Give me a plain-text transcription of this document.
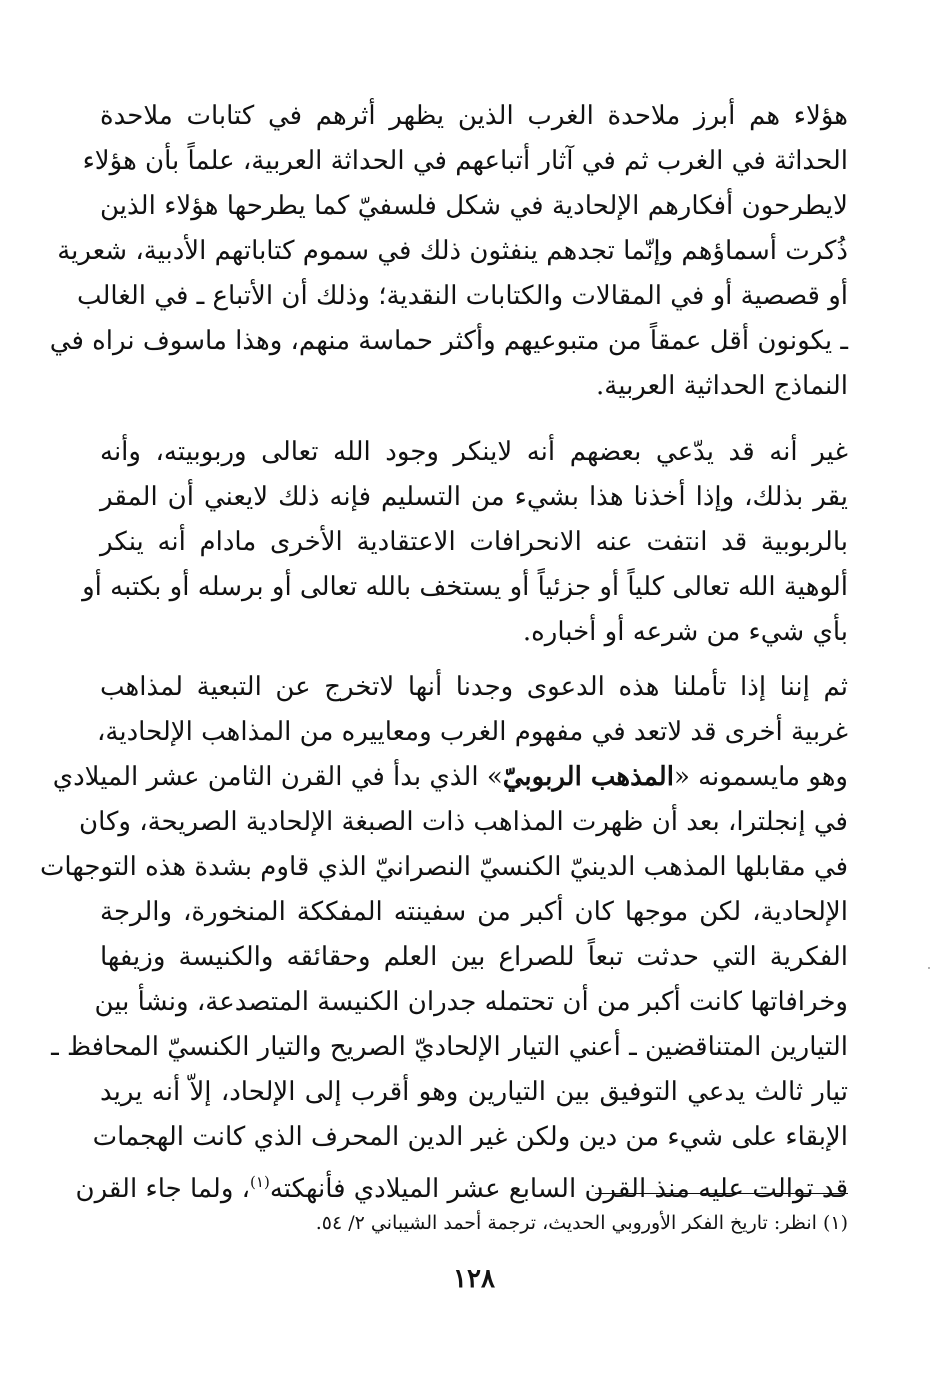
هؤلاء هم أبرز ملاحدة الغرب الذين يظهر أثرهم في كتابات ملاحدة
الحداثة في الغرب ثم في آثار أتباعهم في الحداثة العربية، علماً بأن هؤلاء
لايطرحون أفكارهم الإلحادية في شكل فلسفيّ كما يطرحها هؤلاء الذين
ذُكرت أسماؤهم وإنّما تجدهم ينفثون ذلك في سموم كتاباتهم الأدبية، شعرية
أو قصصية أو في المقالات والكتابات النقدية؛ وذلك أن الأتباع ـ في الغالب
ـ يكونون أقل عمقاً من متبوعيهم وأكثر حماسة منهم، وهذا ماسوف نراه في
النماذج الحداثية العربية.
غير أنه قد يدّعي بعضهم أنه لاينكر وجود الله تعالى وربوبيته، وأنه
يقر بذلك، وإذا أخذنا هذا بشيء من التسليم فإنه ذلك لايعني أن المقر
بالربوبية قد انتفت عنه الانحرافات الاعتقادية الأخرى مادام أنه ينكر
ألوهية الله تعالى كلياً أو جزئياً أو يستخف بالله تعالى أو برسله أو بكتبه أو
بأي شيء من شرعه أو أخباره.
ثم إننا إذا تأملنا هذه الدعوى وجدنا أنها لاتخرج عن التبعية لمذاهب
غربية أخرى قد لاتعد في مفهوم الغرب ومعاييره من المذاهب الإلحادية،
وهو مايسمونه «المذهب الربوبيّ» الذي بدأ في القرن الثامن عشر الميلادي
في إنجلترا، بعد أن ظهرت المذاهب ذات الصبغة الإلحادية الصريحة، وكان
في مقابلها المذهب الدينيّ الكنسيّ النصرانيّ الذي قاوم بشدة هذه التوجهات
الإلحادية، لكن موجها كان أكبر من سفينته المفككة المنخورة، والرجة
الفكرية التي حدثت تبعاً للصراع بين العلم وحقائقه والكنيسة وزيفها
وخرافاتها كانت أكبر من أن تحتمله جدران الكنيسة المتصدعة، ونشأ بين
التيارين المتناقضين ـ أعني التيار الإلحاديّ الصريح والتيار الكنسيّ المحافظ ـ
تيار ثالث يدعي التوفيق بين التيارين وهو أقرب إلى الإلحاد، إلاّ أنه يريد
الإبقاء على شيء من دين ولكن غير الدين المحرف الذي كانت الهجمات
قد توالت عليه منذ القرن السابع عشر الميلادي فأنهكته$^{(١)}$، ولما جاء القرن
(١) انظر: تاريخ الفكر الأوروبي الحديث، ترجمة أحمد الشيباني ٢/ ٥٤.
١٢٨
